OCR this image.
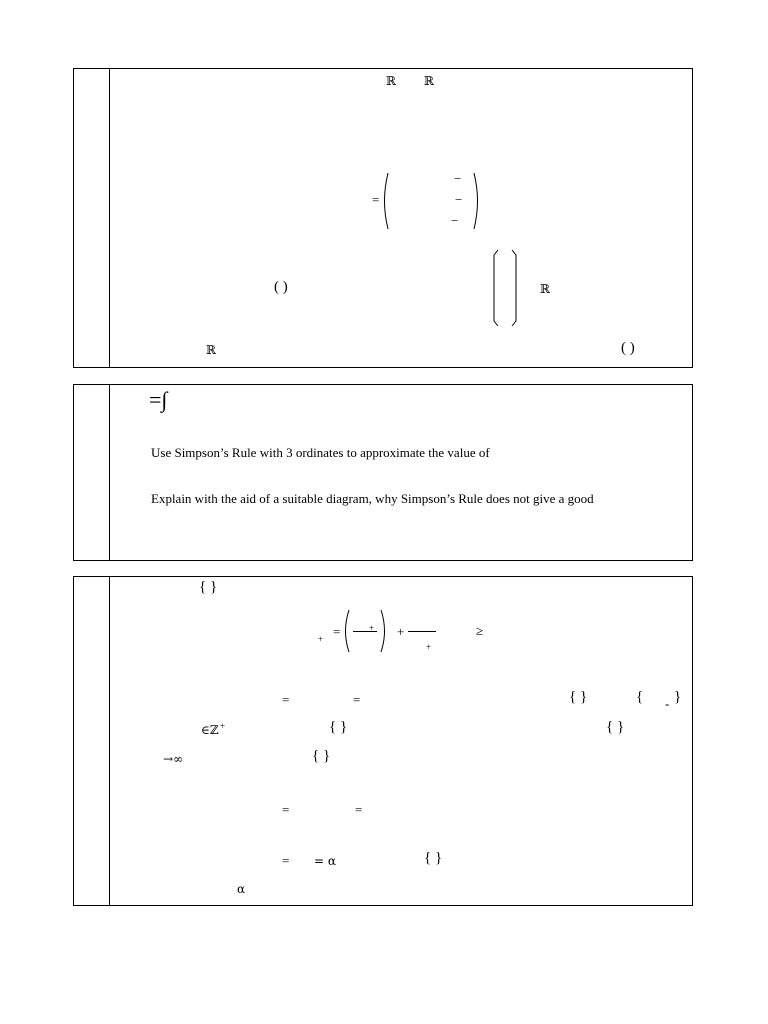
ℝ ℝ
=
−
−
−
( )	ℝ
ℝ	( )
=∫
Use Simpson’s Rule with 3 ordinates to approximate the value of
Explain with the aid of a suitable diagram, why Simpson’s Rule does not give a good
{ }
+ =	+ +
+
≥
=	=	{ }	{ - }
∈ℤ +	{ }	{ }
→∞	{ }
=	=
= = α	{ }
α
